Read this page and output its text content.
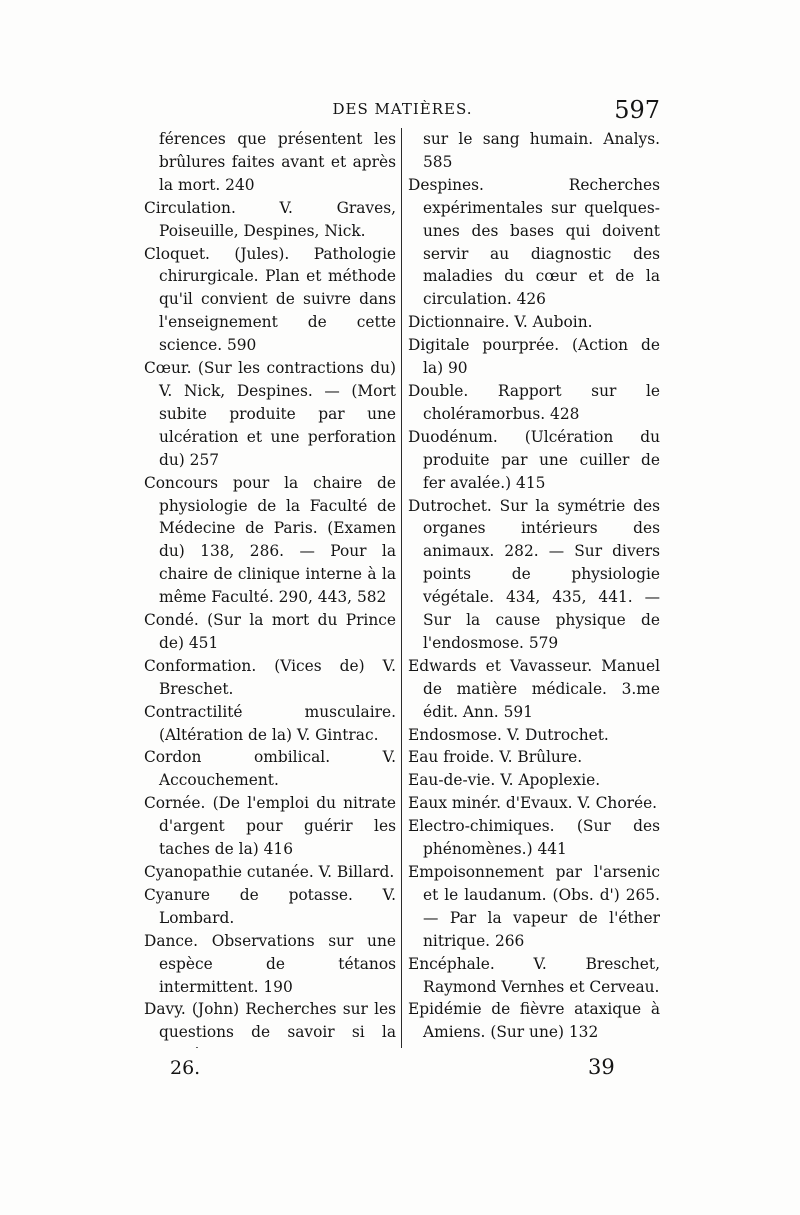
DES MATIÈRES.	597

férences que présentent les brûlures faites avant et après la mort. 240

Circulation. V. Graves, Poiseuille, Despines, Nick.

Cloquet. (Jules). Pathologie chirurgicale. Plan et méthode qu'il convient de suivre dans l'enseignement de cette science. 590

Cœur. (Sur les contractions du) V. Nick, Despines. — (Mort subite produite par une ulcération et une perforation du) 257

Concours pour la chaire de physiologie de la Faculté de Médecine de Paris. (Examen du) 138, 286. — Pour la chaire de clinique interne à la même Faculté. 290, 443, 582

Condé. (Sur la mort du Prince de) 451

Conformation. (Vices de) V. Breschet.

Contractilité musculaire. (Altération de la) V. Gintrac.

Cordon ombilical. V. Accouchement.

Cornée. (De l'emploi du nitrate d'argent pour guérir les taches de la) 416

Cyanopathie cutanée. V. Billard.

Cyanure de potasse. V. Lombard.

Dance. Observations sur une espèce de tétanos intermittent. 190

Davy. (John) Recherches sur les questions de savoir si la

sur le sang humain. Analys. 585

Despines. Recherches expérimentales sur quelques-unes des bases qui doivent servir au diagnostic des maladies du cœur et de la circulation. 426

Dictionnaire. V. Auboin.

Digitale pourprée. (Action de la) 90

Double. Rapport sur le choléramorbus. 428

Duodénum. (Ulcération du produite par une cuiller de fer avalée.) 415

Dutrochet. Sur la symétrie des organes intérieurs des animaux. 282. — Sur divers points de physiologie végétale. 434, 435, 441. — Sur la cause physique de l'endosmose. 579

Edwards et Vavasseur. Manuel de matière médicale. 3.me édit. Ann. 591

Endosmose. V. Dutrochet.

Eau froide. V. Brûlure.

Eau-de-vie. V. Apoplexie.

Eaux minér. d'Evaux. V. Chorée.

Electro-chimiques. (Sur des phénomènes.) 441

Empoisonnement par l'arsenic et le laudanum. (Obs. d') 265. — Par la vapeur de l'éther nitrique. 266

Encéphale. V. Breschet, Raymond Vernhes et Cerveau.

Epidémie de fièvre ataxique à Amiens. (Sur une) 132

26.	39
